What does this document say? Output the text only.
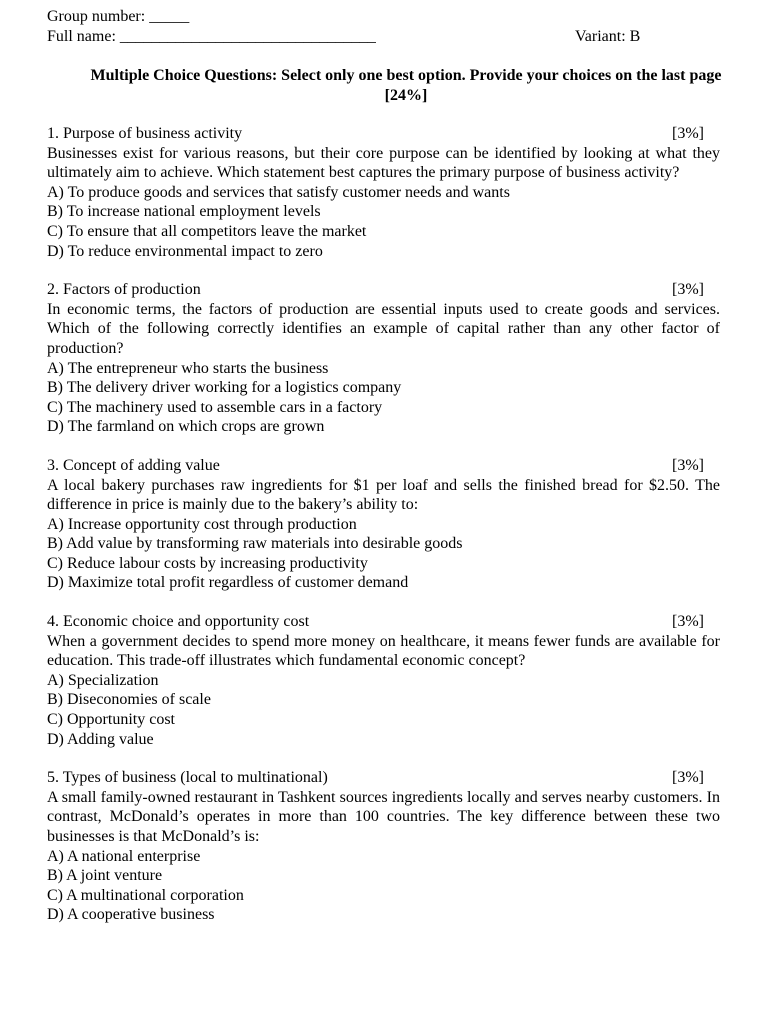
Group number: _____
Full name: ________________________________	Variant: B
Multiple Choice Questions: Select only one best option. Provide your choices on the last page [24%]
1. Purpose of business activity	[3%]

Businesses exist for various reasons, but their core purpose can be identified by looking at what they ultimately aim to achieve. Which statement best captures the primary purpose of business activity?

A) To produce goods and services that satisfy customer needs and wants
B) To increase national employment levels
C) To ensure that all competitors leave the market
D) To reduce environmental impact to zero
2. Factors of production	[3%]

In economic terms, the factors of production are essential inputs used to create goods and services. Which of the following correctly identifies an example of capital rather than any other factor of production?

A) The entrepreneur who starts the business
B) The delivery driver working for a logistics company
C) The machinery used to assemble cars in a factory
D) The farmland on which crops are grown
3. Concept of adding value	[3%]

A local bakery purchases raw ingredients for $1 per loaf and sells the finished bread for $2.50. The difference in price is mainly due to the bakery’s ability to:

A) Increase opportunity cost through production
B) Add value by transforming raw materials into desirable goods
C) Reduce labour costs by increasing productivity
D) Maximize total profit regardless of customer demand
4. Economic choice and opportunity cost	[3%]

When a government decides to spend more money on healthcare, it means fewer funds are available for education. This trade-off illustrates which fundamental economic concept?

A) Specialization
B) Diseconomies of scale
C) Opportunity cost
D) Adding value
5. Types of business (local to multinational)	[3%]

A small family-owned restaurant in Tashkent sources ingredients locally and serves nearby customers. In contrast, McDonald’s operates in more than 100 countries. The key difference between these two businesses is that McDonald’s is:

A) A national enterprise
B) A joint venture
C) A multinational corporation
D) A cooperative business
